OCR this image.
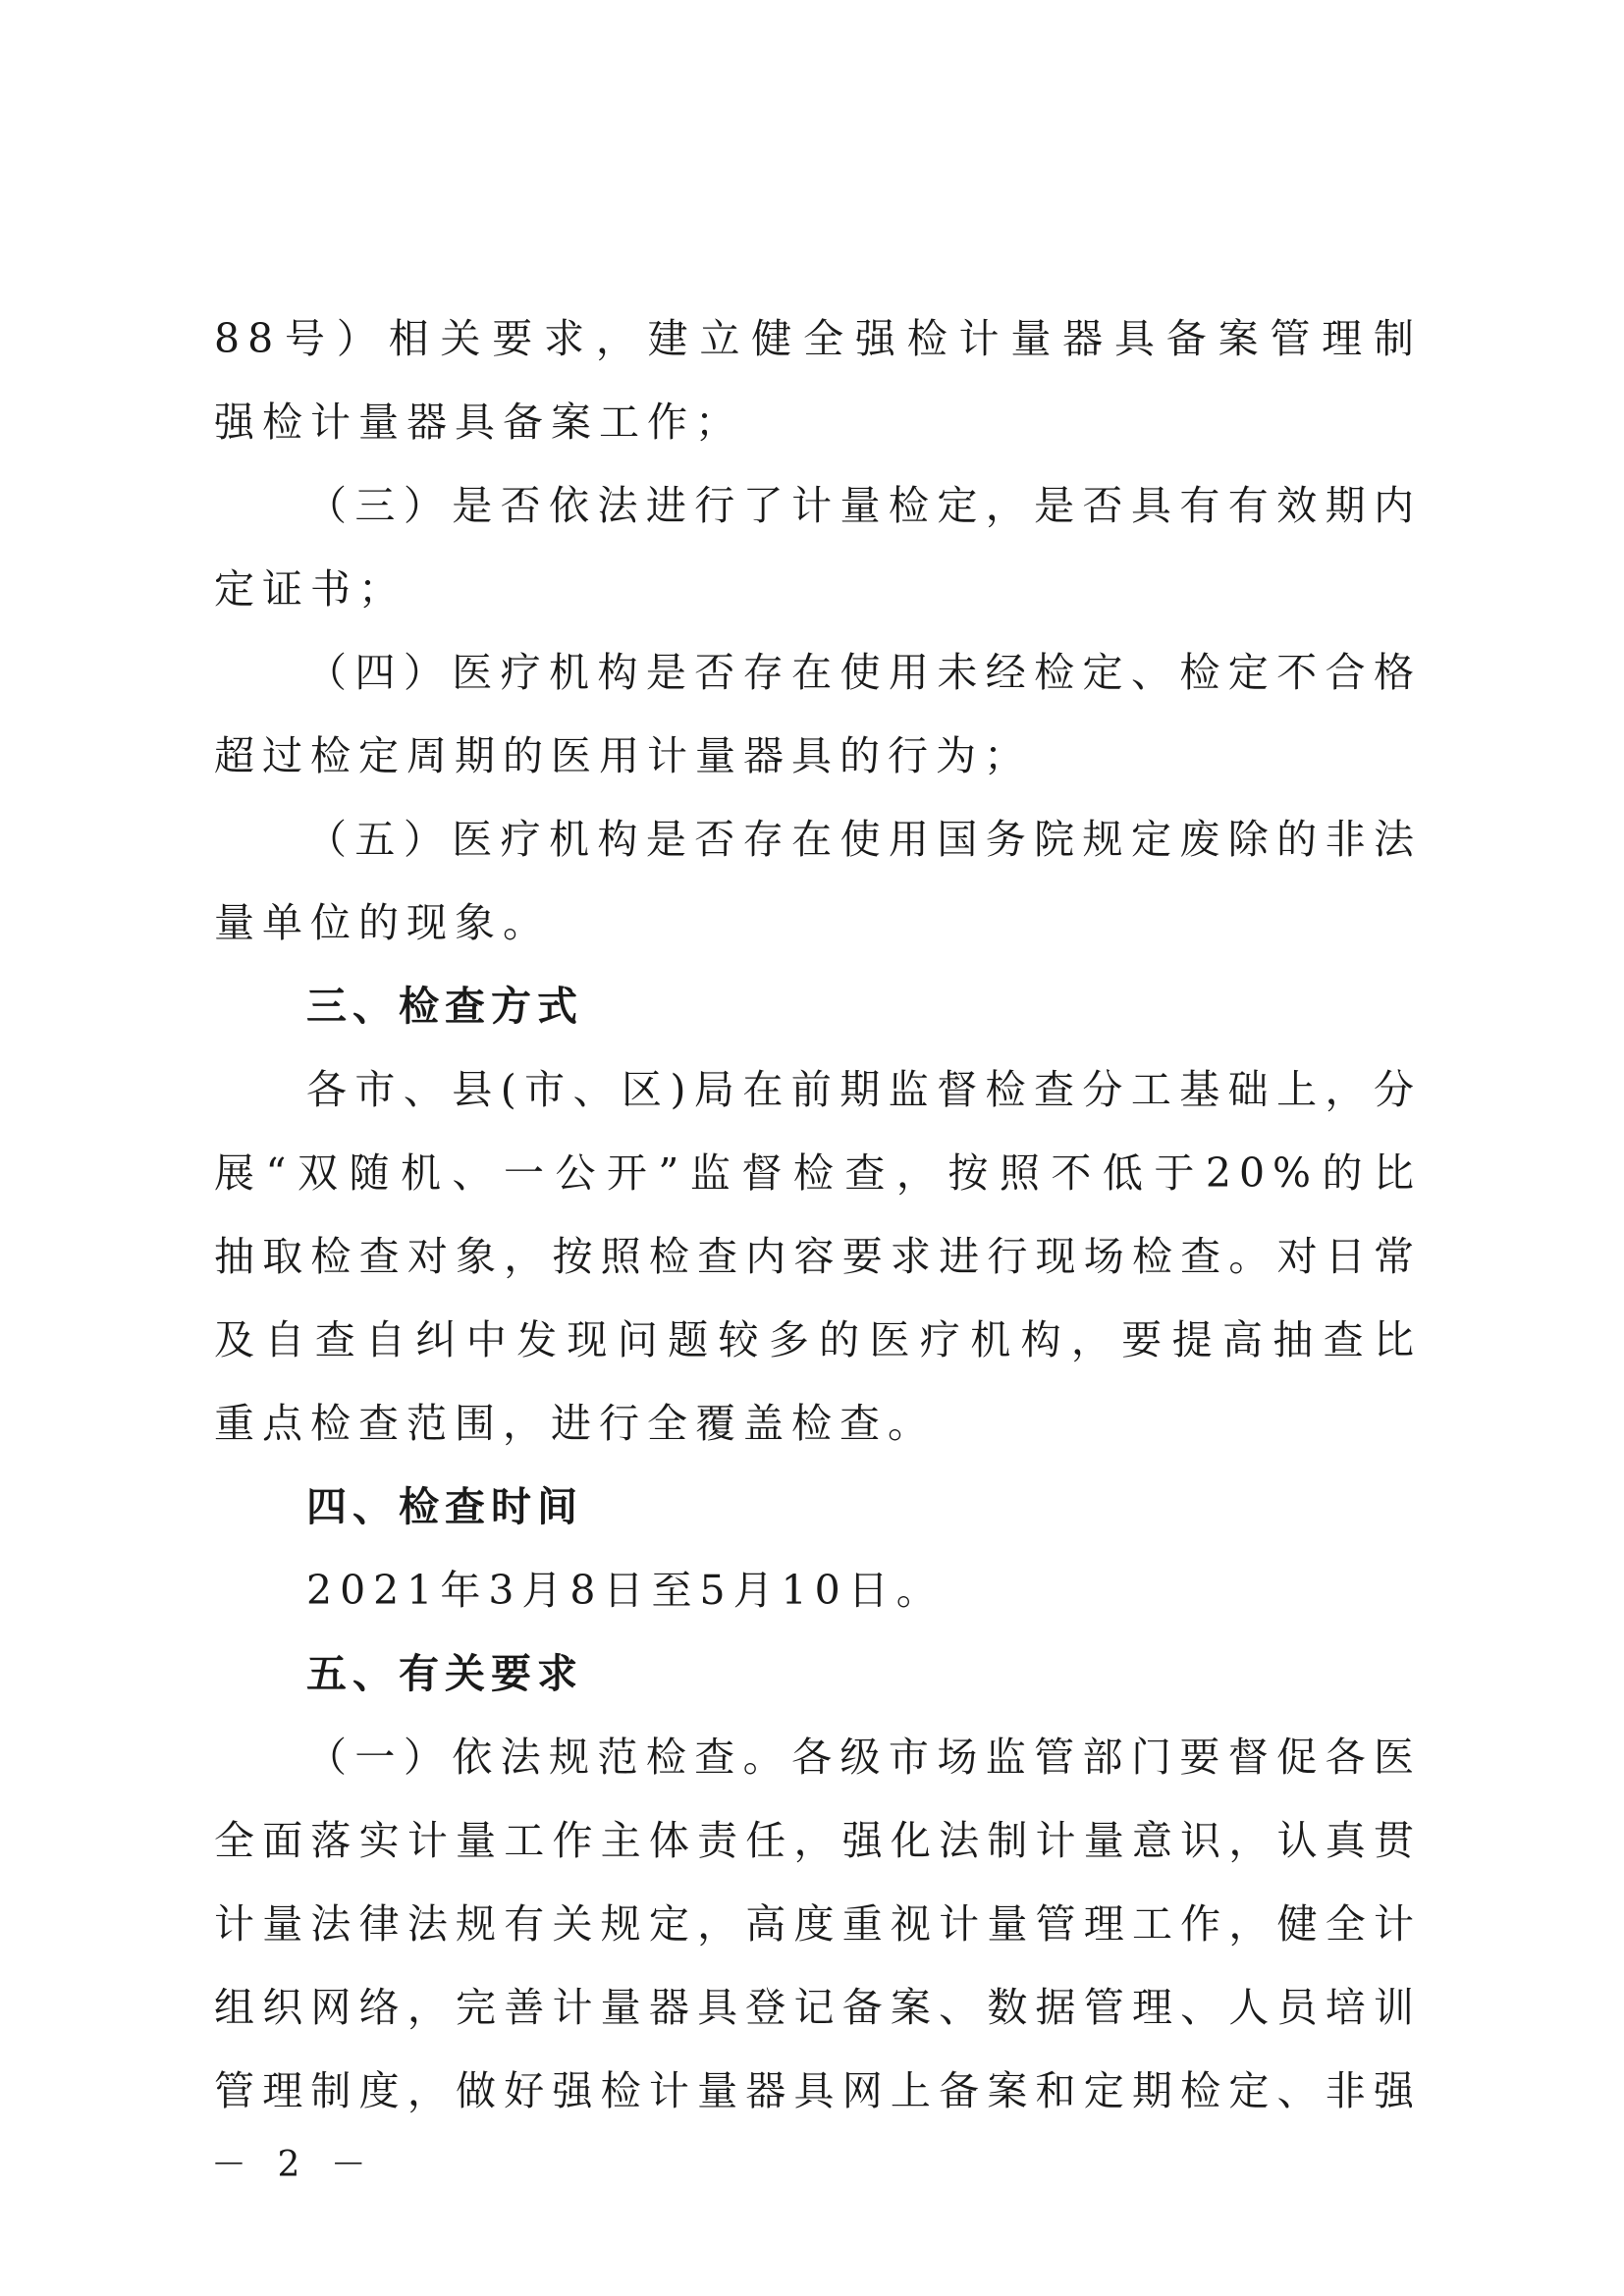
88号）相关要求，建立健全强检计量器具备案管理制
强检计量器具备案工作；
（三）是否依法进行了计量检定，是否具有有效期内
定证书；
（四）医疗机构是否存在使用未经检定、检定不合格
超过检定周期的医用计量器具的行为；
（五）医疗机构是否存在使用国务院规定废除的非法
量单位的现象。
三、检查方式
各市、县(市、区)局在前期监督检查分工基础上，分
展“双随机、一公开”监督检查，按照不低于20%的比
抽取检查对象，按照检查内容要求进行现场检查。对日常
及自查自纠中发现问题较多的医疗机构，要提高抽查比
重点检查范围，进行全覆盖检查。
四、检查时间
2021年3月8日至5月10日。
五、有关要求
（一）依法规范检查。各级市场监管部门要督促各医
全面落实计量工作主体责任，强化法制计量意识，认真贯
计量法律法规有关规定，高度重视计量管理工作，健全计
组织网络，完善计量器具登记备案、数据管理、人员培训
管理制度，做好强检计量器具网上备案和定期检定、非强
－ 2 －
